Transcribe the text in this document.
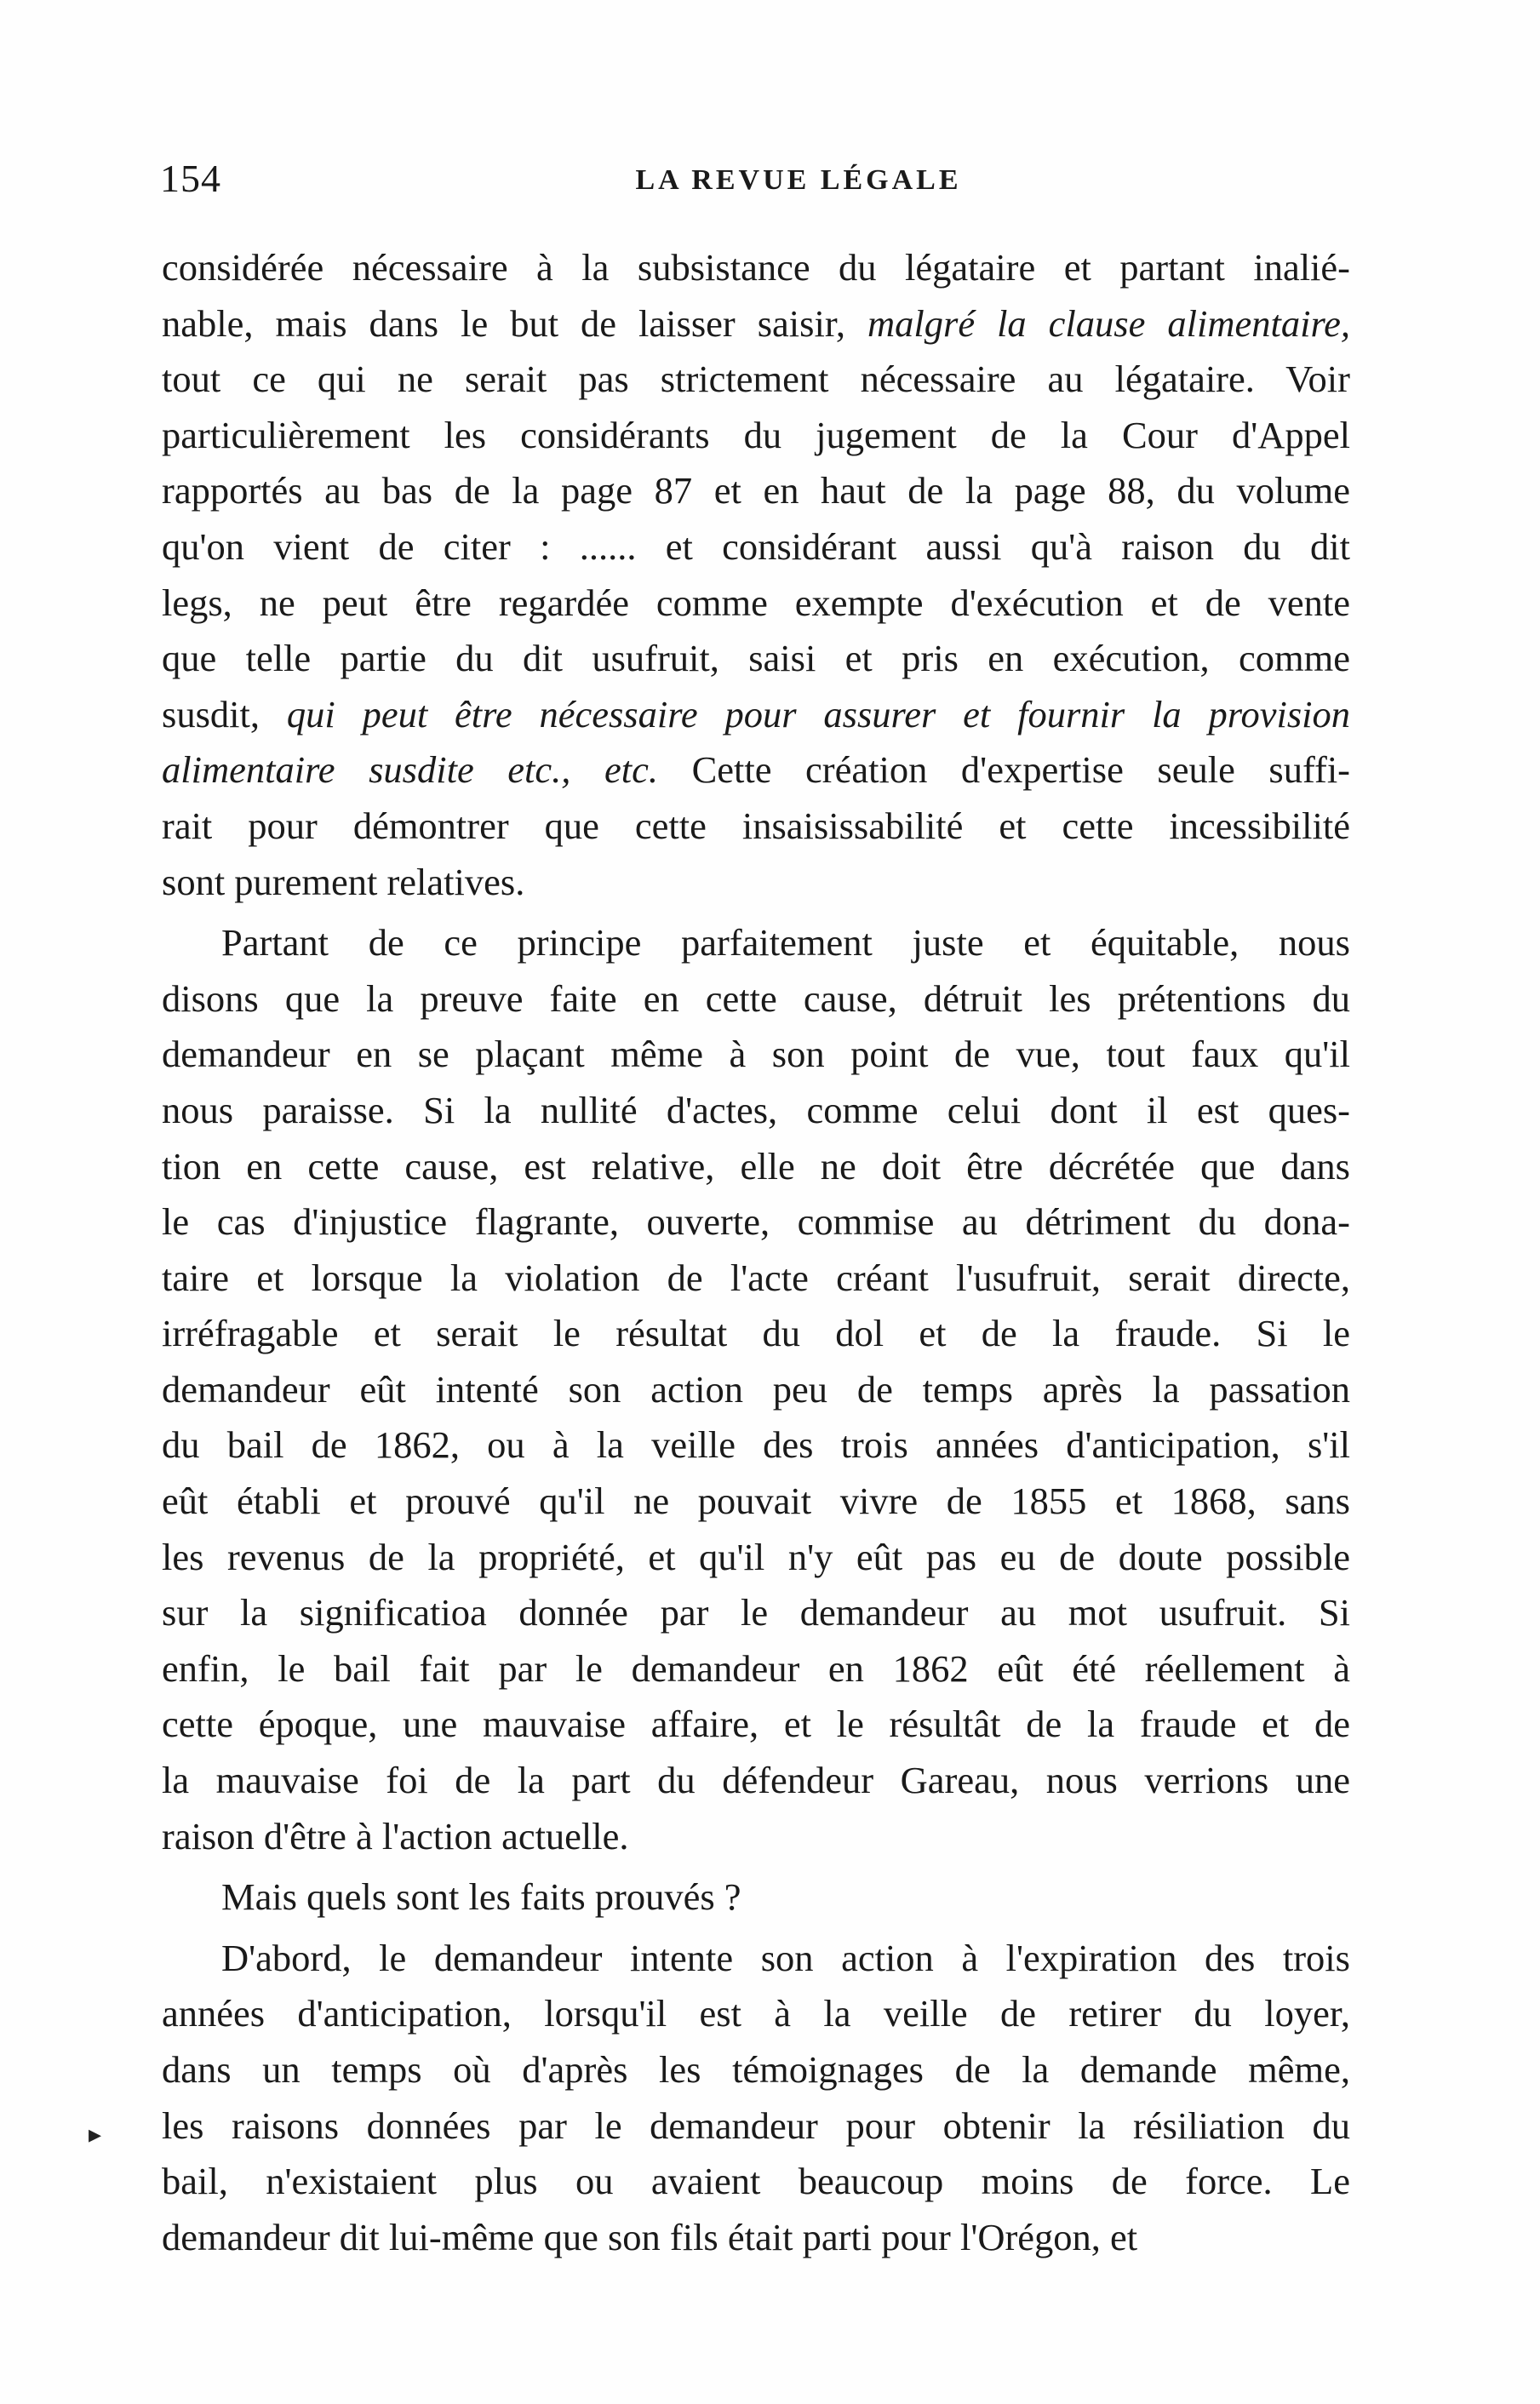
154	LA REVUE LÉGALE
considérée nécessaire à la subsistance du légataire et partant inalié-
nable, mais dans le but de laisser saisir, malgré la clause alimentaire,
tout ce qui ne serait pas strictement nécessaire au légataire. Voir
particulièrement les considérants du jugement de la Cour d'Appel
rapportés au bas de la page 87 et en haut de la page 88, du volume
qu'on vient de citer : ...... et considérant aussi qu'à raison du dit
legs, ne peut être regardée comme exempte d'exécution et de vente
que telle partie du dit usufruit, saisi et pris en exécution, comme
susdit, qui peut être nécessaire pour assurer et fournir la provision
alimentaire susdite etc., etc. Cette création d'expertise seule suffi-
rait pour démontrer que cette insaisissabilité et cette incessibilité
sont purement relatives.
Partant de ce principe parfaitement juste et équitable, nous
disons que la preuve faite en cette cause, détruit les prétentions du
demandeur en se plaçant même à son point de vue, tout faux qu'il
nous paraisse. Si la nullité d'actes, comme celui dont il est ques-
tion en cette cause, est relative, elle ne doit être décrétée que dans
le cas d'injustice flagrante, ouverte, commise au détriment du dona-
taire et lorsque la violation de l'acte créant l'usufruit, serait directe,
irréfragable et serait le résultat du dol et de la fraude. Si le
demandeur eût intenté son action peu de temps après la passation
du bail de 1862, ou à la veille des trois années d'anticipation, s'il
eût établi et prouvé qu'il ne pouvait vivre de 1855 et 1868, sans
les revenus de la propriété, et qu'il n'y eût pas eu de doute possible
sur la significatioa donnée par le demandeur au mot usufruit. Si
enfin, le bail fait par le demandeur en 1862 eût été réellement à
cette époque, une mauvaise affaire, et le résultât de la fraude et de
la mauvaise foi de la part du défendeur Gareau, nous verrions une
raison d'être à l'action actuelle.
Mais quels sont les faits prouvés ?
D'abord, le demandeur intente son action à l'expiration des trois
années d'anticipation, lorsqu'il est à la veille de retirer du loyer,
dans un temps où d'après les témoignages de la demande même,
les raisons données par le demandeur pour obtenir la résiliation du
bail, n'existaient plus ou avaient beaucoup moins de force. Le
demandeur dit lui-même que son fils était parti pour l'Orégon, et
▸
